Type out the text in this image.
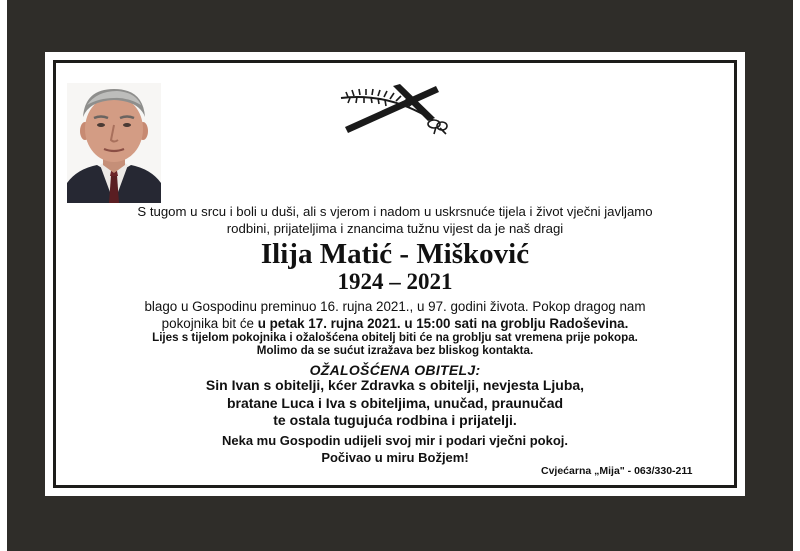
S tugom u srcu i boli u duši, ali s vjerom i nadom u uskrsnuće tijela i život vječni javljamo
rodbini, prijateljima i znancima tužnu vijest da je naš dragi
Ilija Matić - Mišković
1924 – 2021
blago u Gospodinu preminuo 16. rujna 2021., u 97. godini života. Pokop dragog nam
pokojnika bit će u petak 17. rujna 2021. u 15:00 sati na groblju Radoševina.
Lijes s tijelom pokojnika i ožalošćena obitelj biti će na groblju sat vremena prije pokopa.
Molimo da se sućut izražava bez bliskog kontakta.
OŽALOŠĆENA OBITELJ:
Sin Ivan s obitelji, kćer Zdravka s obitelji, nevjesta Ljuba,
bratane Luca i Iva s obiteljima, unučad, praunučad
te ostala tugujuća rodbina i prijatelji.
Neka mu Gospodin udijeli svoj mir i podari vječni pokoj.
Počivao u miru Božjem!
Cvjećarna „Mija" - 063/330-211
